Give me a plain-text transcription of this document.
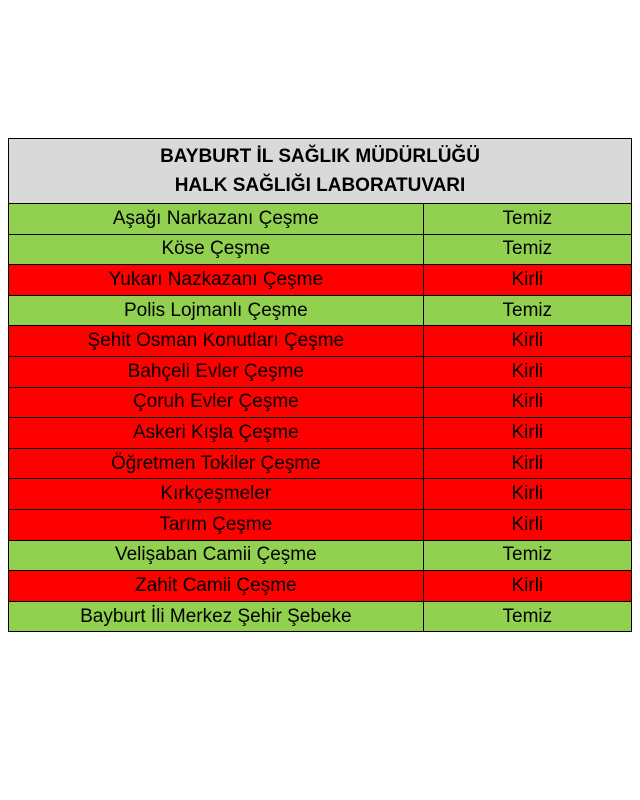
BAYBURT İL SAĞLIK MÜDÜRLÜĞÜ
HALK SAĞLIĞI LABORATUVARI	

Aşağı Narkazanı Çeşme	Temiz
Köse Çeşme	Temiz
Yukarı Nazkazanı Çeşme	Kirli
Polis Lojmanlı Çeşme	Temiz
Şehit Osman Konutları Çeşme	Kirli
Bahçeli Evler Çeşme	Kirli
Çoruh Evler Çeşme	Kirli
Askeri Kışla Çeşme	Kirli
Öğretmen Tokiler Çeşme	Kirli
Kırkçeşmeler	Kirli
Tarım Çeşme	Kirli
Velişaban Camii Çeşme	Temiz
Zahit Camii Çeşme	Kirli
Bayburt İli Merkez Şehir Şebeke	Temiz
